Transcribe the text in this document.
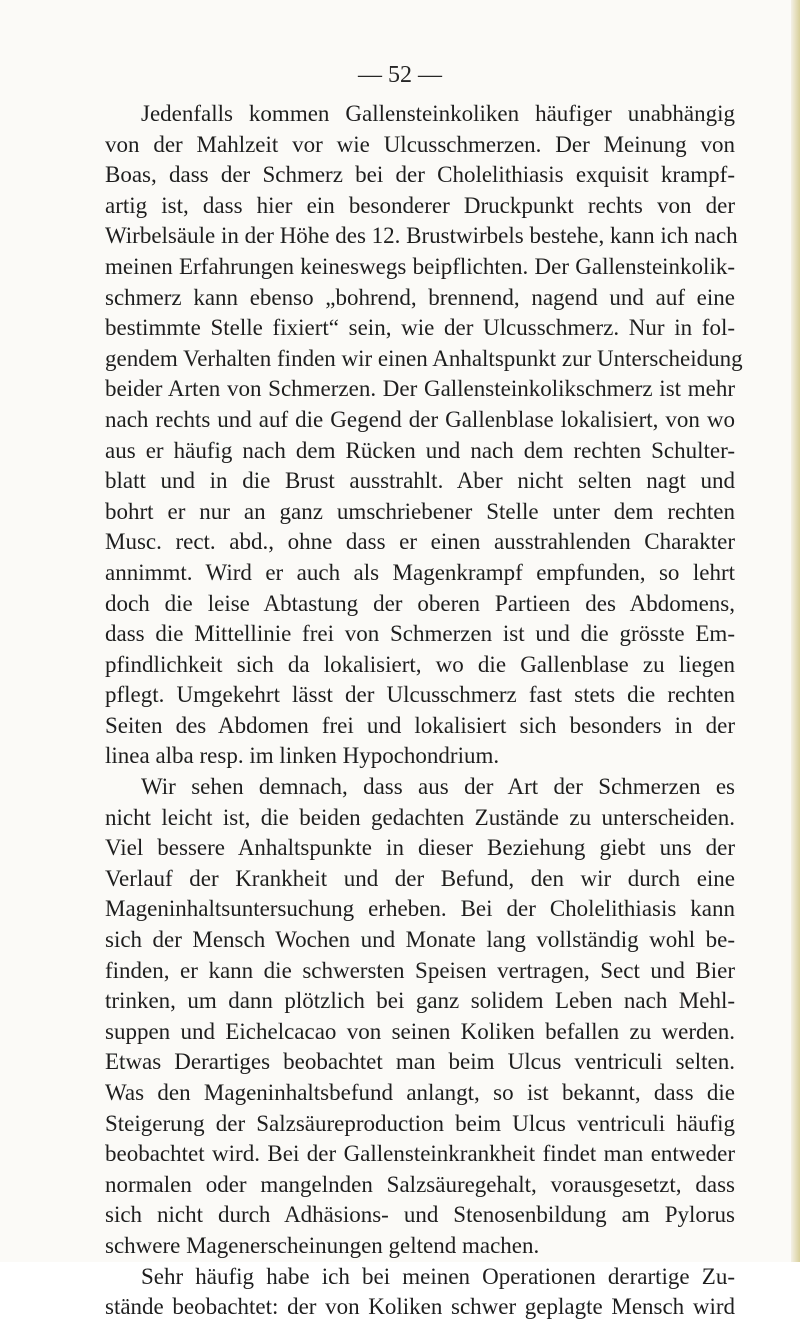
— 52 —
Jedenfalls kommen Gallensteinkoliken häufiger unabhängig
von der Mahlzeit vor wie Ulcusschmerzen. Der Meinung von
Boas, dass der Schmerz bei der Cholelithiasis exquisit krampf-
artig ist, dass hier ein besonderer Druckpunkt rechts von der
Wirbelsäule in der Höhe des 12. Brustwirbels bestehe, kann ich nach
meinen Erfahrungen keineswegs beipflichten. Der Gallensteinkolik-
schmerz kann ebenso „bohrend, brennend, nagend und auf eine
bestimmte Stelle fixiert“ sein, wie der Ulcusschmerz. Nur in fol-
gendem Verhalten finden wir einen Anhaltspunkt zur Unterscheidung
beider Arten von Schmerzen. Der Gallensteinkolikschmerz ist mehr
nach rechts und auf die Gegend der Gallenblase lokalisiert, von wo
aus er häufig nach dem Rücken und nach dem rechten Schulter-
blatt und in die Brust ausstrahlt. Aber nicht selten nagt und
bohrt er nur an ganz umschriebener Stelle unter dem rechten
Musc. rect. abd., ohne dass er einen ausstrahlenden Charakter
annimmt. Wird er auch als Magenkrampf empfunden, so lehrt
doch die leise Abtastung der oberen Partieen des Abdomens,
dass die Mittellinie frei von Schmerzen ist und die grösste Em-
pfindlichkeit sich da lokalisiert, wo die Gallenblase zu liegen
pflegt. Umgekehrt lässt der Ulcusschmerz fast stets die rechten
Seiten des Abdomen frei und lokalisiert sich besonders in der
linea alba resp. im linken Hypochondrium.
Wir sehen demnach, dass aus der Art der Schmerzen es
nicht leicht ist, die beiden gedachten Zustände zu unterscheiden.
Viel bessere Anhaltspunkte in dieser Beziehung giebt uns der
Verlauf der Krankheit und der Befund, den wir durch eine
Mageninhaltsuntersuchung erheben. Bei der Cholelithiasis kann
sich der Mensch Wochen und Monate lang vollständig wohl be-
finden, er kann die schwersten Speisen vertragen, Sect und Bier
trinken, um dann plötzlich bei ganz solidem Leben nach Mehl-
suppen und Eichelcacao von seinen Koliken befallen zu werden.
Etwas Derartiges beobachtet man beim Ulcus ventriculi selten.
Was den Mageninhaltsbefund anlangt, so ist bekannt, dass die
Steigerung der Salzsäureproduction beim Ulcus ventriculi häufig
beobachtet wird. Bei der Gallensteinkrankheit findet man entweder
normalen oder mangelnden Salzsäuregehalt, vorausgesetzt, dass
sich nicht durch Adhäsions- und Stenosenbildung am Pylorus
schwere Magenerscheinungen geltend machen.
Sehr häufig habe ich bei meinen Operationen derartige Zu-
stände beobachtet: der von Koliken schwer geplagte Mensch wird
